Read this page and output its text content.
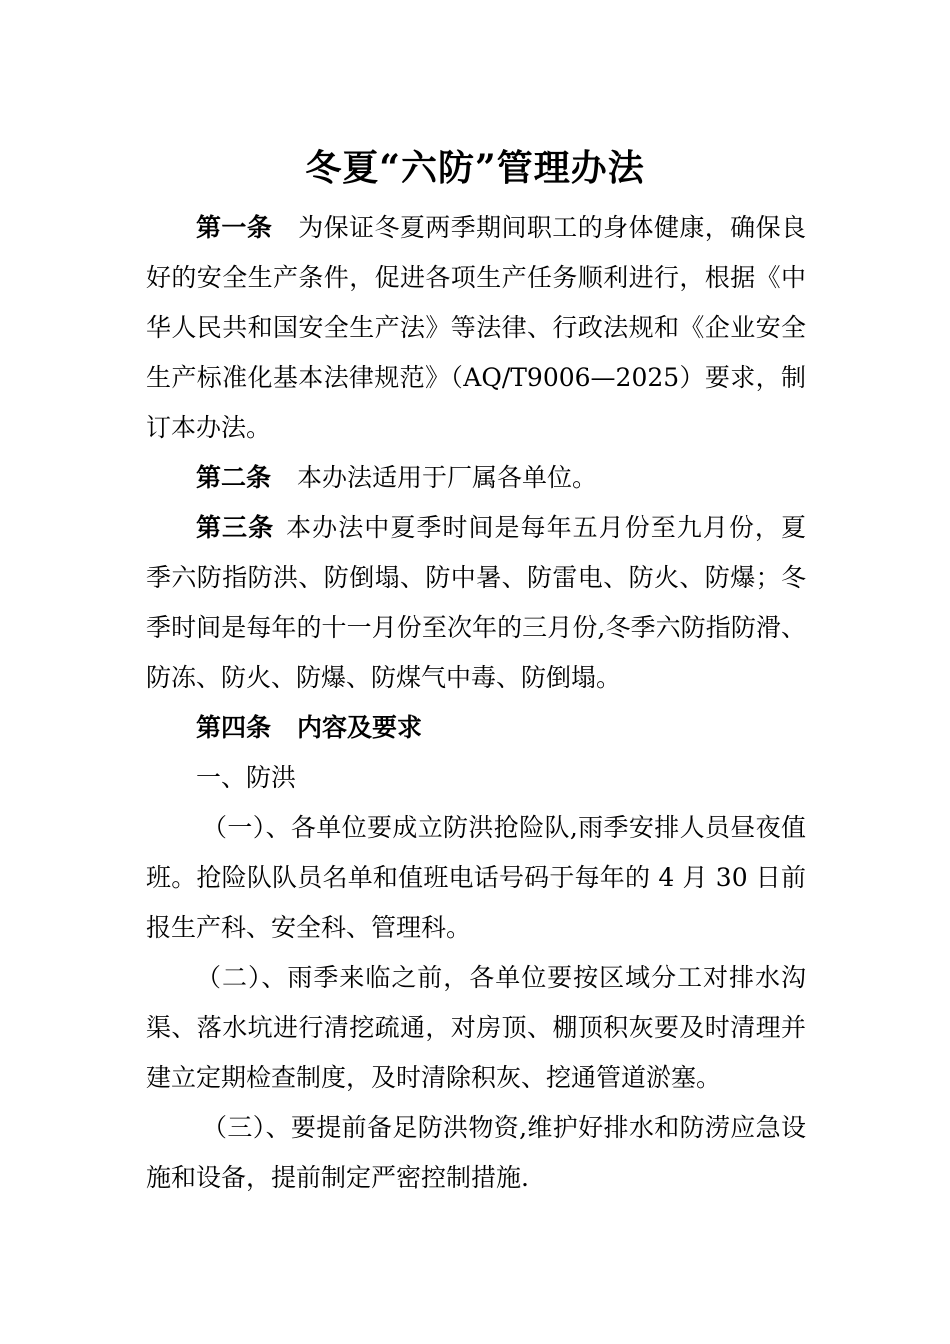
冬夏“六防”管理办法

第一条 为保证冬夏两季期间职工的身体健康，确保良好的安全生产条件，促进各项生产任务顺利进行，根据《中华人民共和国安全生产法》等法律、行政法规和《企业安全生产标准化基本法律规范》（AQ/T9006—2025）要求，制订本办法。

第二条 本办法适用于厂属各单位。

第三条 本办法中夏季时间是每年五月份至九月份，夏季六防指防洪、防倒塌、防中暑、防雷电、防火、防爆；冬季时间是每年的十一月份至次年的三月份,冬季六防指防滑、防冻、防火、防爆、防煤气中毒、防倒塌。

第四条 内容及要求

一、防洪

（一）、各单位要成立防洪抢险队,雨季安排人员昼夜值班。抢险队队员名单和值班电话号码于每年的 4 月 30 日前报生产科、安全科、管理科。

（二）、雨季来临之前，各单位要按区域分工对排水沟渠、落水坑进行清挖疏通，对房顶、棚顶积灰要及时清理并建立定期检查制度，及时清除积灰、挖通管道淤塞。

（三）、要提前备足防洪物资,维护好排水和防涝应急设施和设备，提前制定严密控制措施.
